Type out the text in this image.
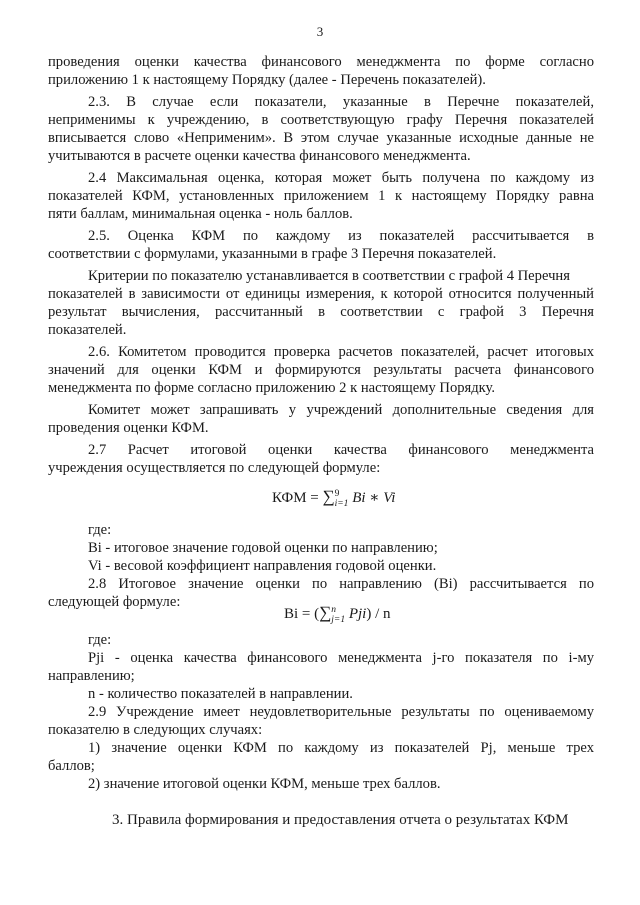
3
проведения оценки качества финансового менеджмента по форме согласно
приложению 1 к настоящему Порядку (далее - Перечень показателей).
2.3. В случае если показатели, указанные в Перечне показателей,
неприменимы к учреждению, в соответствующую графу Перечня показателей
вписывается слово «Неприменим». В этом случае указанные исходные данные не
учитываются в расчете оценки качества финансового менеджмента.
2.4 Максимальная оценка, которая может быть получена по каждому из
показателей КФМ, установленных приложением 1 к настоящему Порядку равна
пяти баллам, минимальная оценка - ноль баллов.
2.5. Оценка КФМ по каждому из показателей рассчитывается в
соответствии с формулами, указанными в графе 3 Перечня показателей.
Критерии по показателю устанавливается в соответствии с графой 4 Перечня
показателей в зависимости от единицы измерения, к которой относится полученный
результат вычисления, рассчитанный в соответствии с графой 3 Перечня
показателей.
2.6. Комитетом проводится проверка расчетов показателей, расчет итоговых
значений для оценки КФМ и формируются результаты расчета финансового
менеджмента по форме согласно приложению 2 к настоящему Порядку.
Комитет может запрашивать у учреждений дополнительные сведения для
проведения оценки КФМ.
2.7 Расчет итоговой оценки качества финансового менеджмента
учреждения осуществляется по следующей формуле:
КФМ = ∑ 9
i=1 Bi ∗ Vi
где:
Bi - итоговое значение годовой оценки по направлению;
Vi - весовой коэффициент направления годовой оценки.
2.8 Итоговое значение оценки по направлению (Bi) рассчитывается по
следующей формуле:
Bi = (∑ n
j=1 Pji) / n
где:
Pji - оценка качества финансового менеджмента j-го показателя по i-му
направлению;
n - количество показателей в направлении.
2.9 Учреждение имеет неудовлетворительные результаты по оцениваемому
показателю в следующих случаях:
1) значение оценки КФМ по каждому из показателей Pj, меньше трех
баллов;
2) значение итоговой оценки КФМ, меньше трех баллов.
3. Правила формирования и предоставления отчета о результатах КФМ
